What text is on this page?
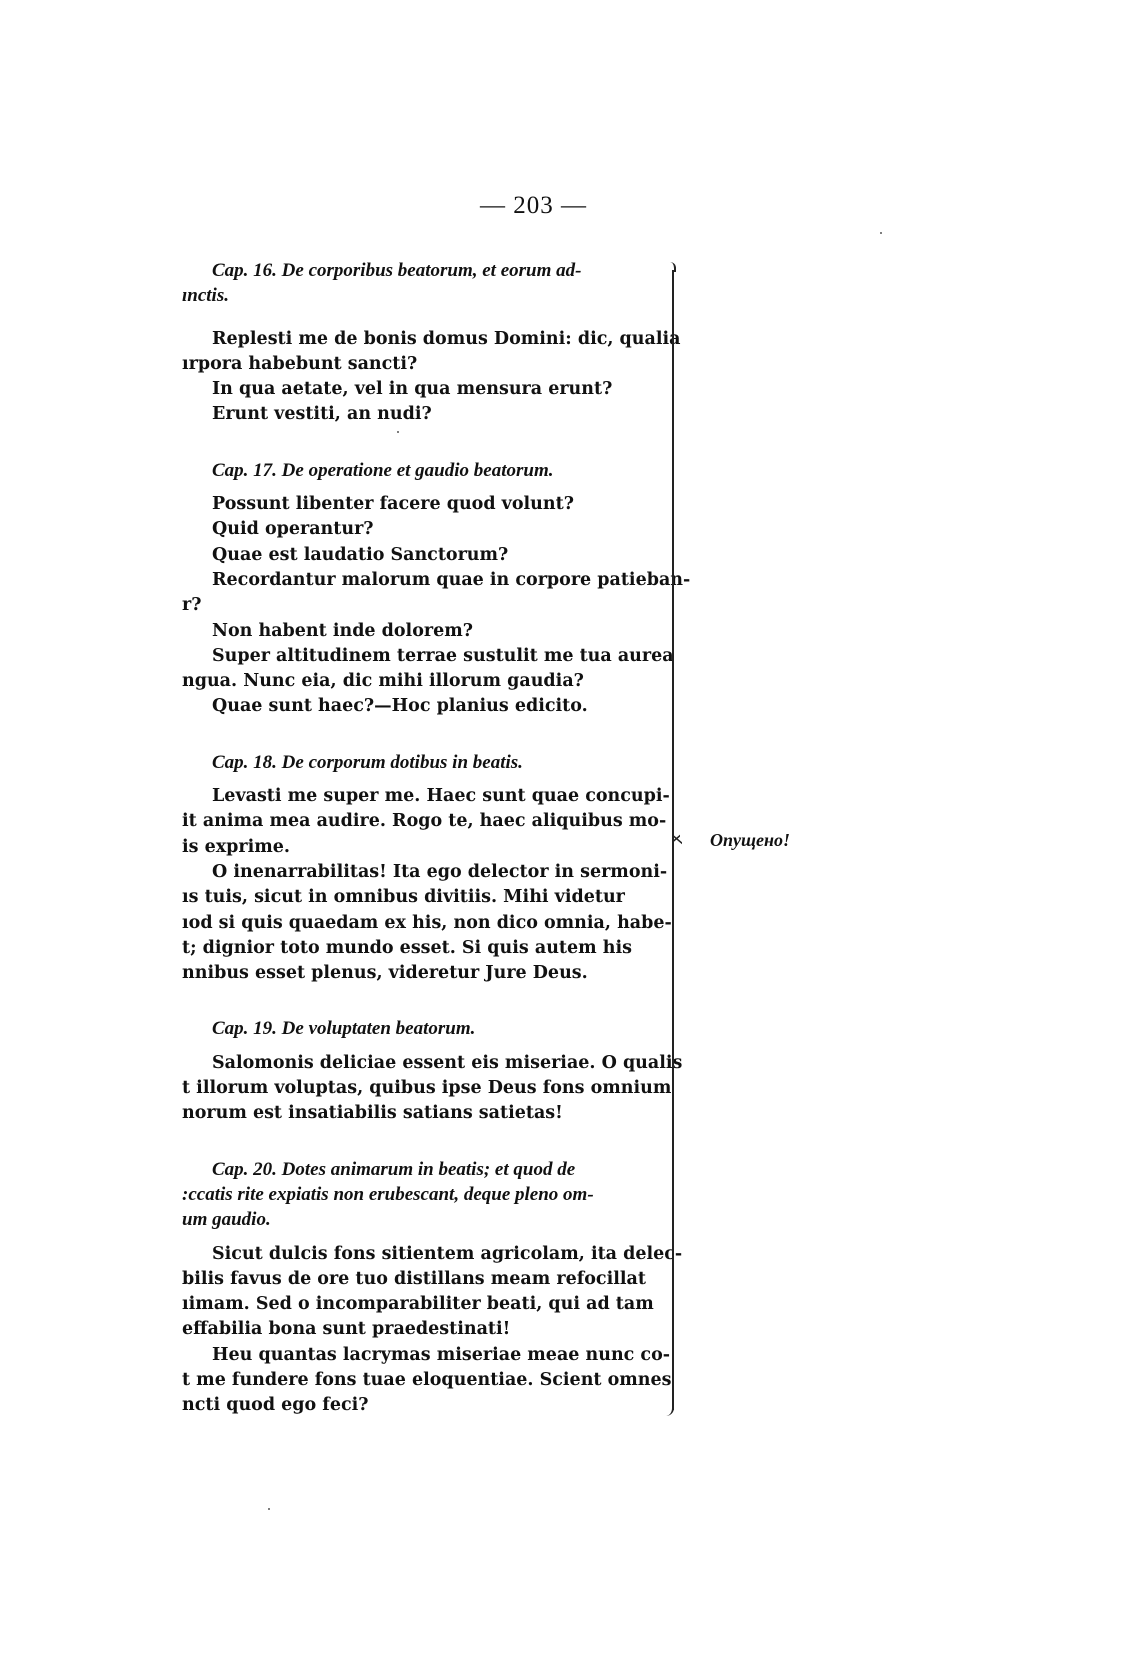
— 203 —

Cap. 16. De corporibus beatorum, et eorum ad-

ınctis.

Replesti me de bonis domus Domini: dic, qualia

ırpora habebunt sancti?

In qua aetate, vel in qua mensura erunt?

Erunt vestiti, an nudi?

Cap. 17. De operatione et gaudio beatorum.

Possunt libenter facere quod volunt?

Quid operantur?

Quae est laudatio Sanctorum?

Recordantur malorum quae in corpore patieban-

r?

Non habent inde dolorem?

Super altitudinem terrae sustulit me tua aurea

ngua. Nunc eia, dic mihi illorum gaudia?

Quae sunt haec?—Hoc planius edicito.

Cap. 18. De corporum dotibus in beatis.

Levasti me super me. Haec sunt quae concupi-

it anima mea audire. Rogo te, haec aliquibus mo-

is exprime.

O inenarrabilitas! Ita ego delector in sermoni-

ıs tuis, sicut in omnibus divitiis. Mihi videtur

ıod si quis quaedam ex his, non dico omnia, habe-

t; dignior toto mundo esset. Si quis autem his

nnibus esset plenus, videretur Jure Deus.

Cap. 19. De voluptaten beatorum.

Salomonis deliciae essent eis miseriae. O qualis

t illorum voluptas, quibus ipse Deus fons omnium

norum est insatiabilis satians satietas!

Cap. 20. Dotes animarum in beatis; et quod de

:ccatis rite expiatis non erubescant, deque pleno om-

um gaudio.

Sicut dulcis fons sitientem agricolam, ita delec-

bilis favus de ore tuo distillans meam refocillat

ıimam. Sed o incomparabiliter beati, qui ad tam

effabilia bona sunt praedestinati!

Heu quantas lacrymas miseriae meae nunc co-

t me fundere fons tuae eloquentiae. Scient omnes

ncti quod ego feci?

Опущено!
